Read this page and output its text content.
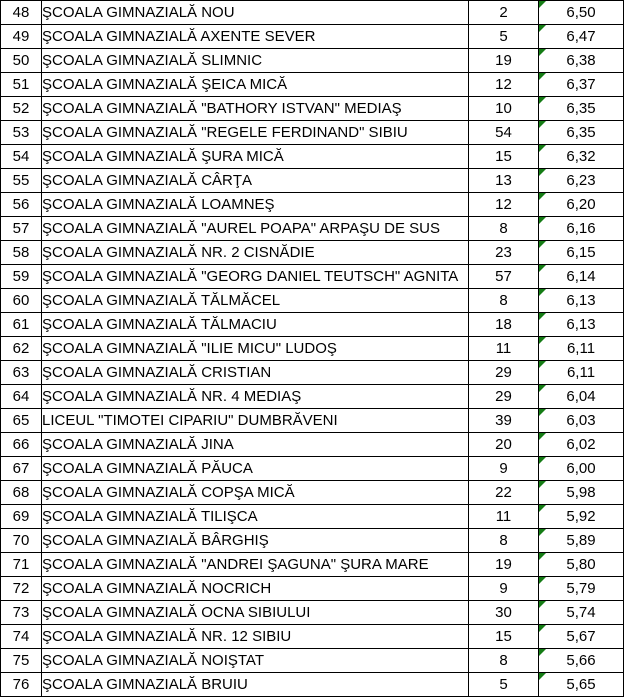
48	ŞCOALA GIMNAZIALĂ NOU	2	6,50
49	ŞCOALA GIMNAZIALĂ AXENTE SEVER	5	6,47
50	ŞCOALA GIMNAZIALĂ SLIMNIC	19	6,38
51	ŞCOALA GIMNAZIALĂ ŞEICA MICĂ	12	6,37
52	ŞCOALA GIMNAZIALĂ "BATHORY ISTVAN" MEDIAŞ	10	6,35
53	ŞCOALA GIMNAZIALĂ "REGELE FERDINAND" SIBIU	54	6,35
54	ŞCOALA GIMNAZIALĂ ŞURA MICĂ	15	6,32
55	ŞCOALA GIMNAZIALĂ CÂRŢA	13	6,23
56	ŞCOALA GIMNAZIALĂ LOAMNEŞ	12	6,20
57	ŞCOALA GIMNAZIALĂ "AUREL POAPA" ARPAŞU DE SUS	8	6,16
58	ŞCOALA GIMNAZIALĂ NR. 2 CISNĂDIE	23	6,15
59	ŞCOALA GIMNAZIALĂ "GEORG DANIEL TEUTSCH" AGNITA	57	6,14
60	ŞCOALA GIMNAZIALĂ TĂLMĂCEL	8	6,13
61	ŞCOALA GIMNAZIALĂ TĂLMACIU	18	6,13
62	ŞCOALA GIMNAZIALĂ "ILIE MICU" LUDOŞ	11	6,11
63	ŞCOALA GIMNAZIALĂ CRISTIAN	29	6,11
64	ŞCOALA GIMNAZIALĂ NR. 4 MEDIAŞ	29	6,04
65	LICEUL "TIMOTEI CIPARIU" DUMBRĂVENI	39	6,03
66	ŞCOALA GIMNAZIALĂ JINA	20	6,02
67	ŞCOALA GIMNAZIALĂ PĂUCA	9	6,00
68	ŞCOALA GIMNAZIALĂ COPŞA MICĂ	22	5,98
69	ŞCOALA GIMNAZIALĂ TILIŞCA	11	5,92
70	ŞCOALA GIMNAZIALĂ BÂRGHIŞ	8	5,89
71	ŞCOALA GIMNAZIALĂ "ANDREI ŞAGUNA" ŞURA MARE	19	5,80
72	ŞCOALA GIMNAZIALĂ NOCRICH	9	5,79
73	ŞCOALA GIMNAZIALĂ OCNA SIBIULUI	30	5,74
74	ŞCOALA GIMNAZIALĂ NR. 12 SIBIU	15	5,67
75	ŞCOALA GIMNAZIALĂ NOIŞTAT	8	5,66
76	ŞCOALA GIMNAZIALĂ BRUIU	5	5,65
